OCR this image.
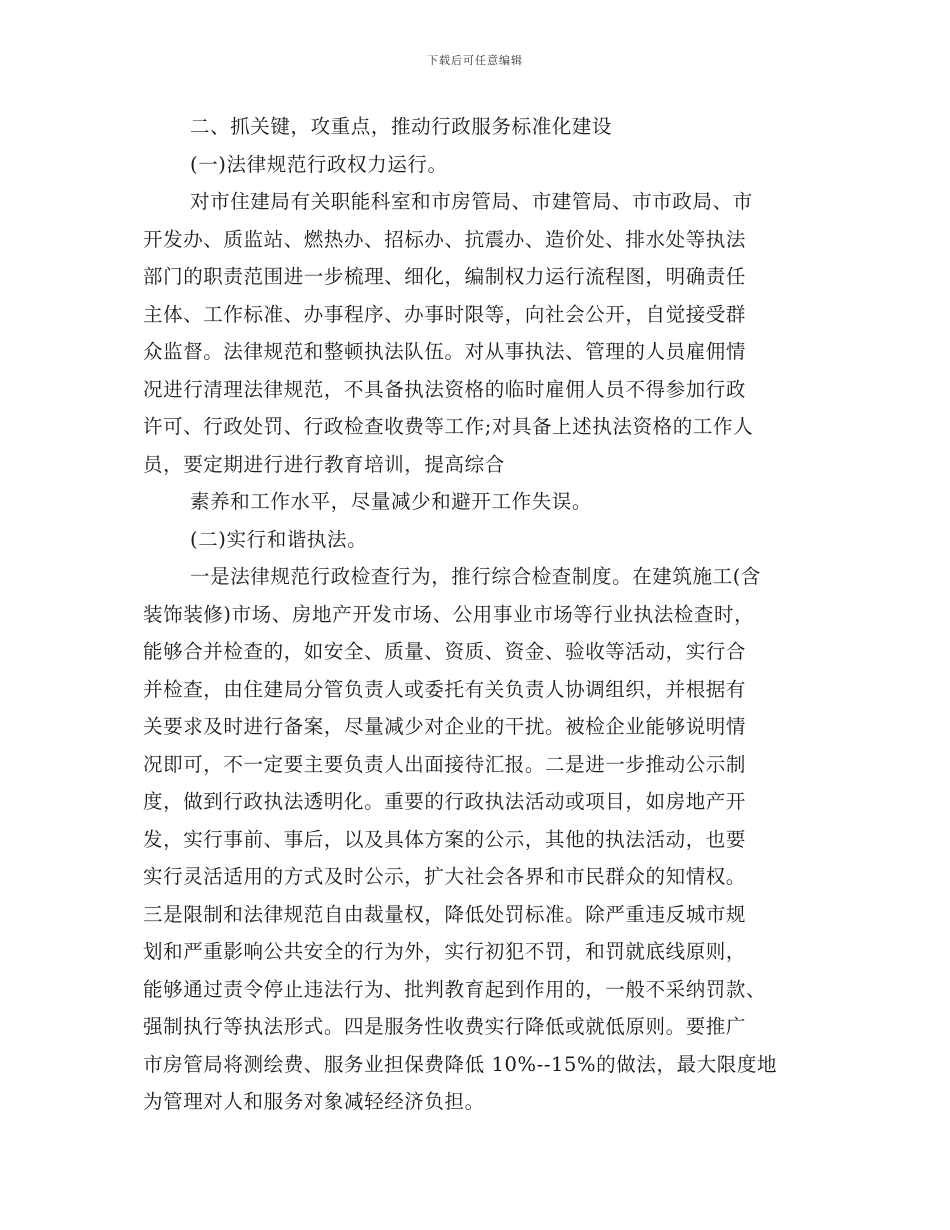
下载后可任意编辑
二、抓关键，攻重点，推动行政服务标准化建设
(一)法律规范行政权力运行。
对市住建局有关职能科室和市房管局、市建管局、市市政局、市
开发办、质监站、燃热办、招标办、抗震办、造价处、排水处等执法
部门的职责范围进一步梳理、细化，编制权力运行流程图，明确责任
主体、工作标准、办事程序、办事时限等，向社会公开，自觉接受群
众监督。法律规范和整顿执法队伍。对从事执法、管理的人员雇佣情
况进行清理法律规范，不具备执法资格的临时雇佣人员不得参加行政
许可、行政处罚、行政检查收费等工作;对具备上述执法资格的工作人
员，要定期进行进行教育培训，提高综合
素养和工作水平，尽量减少和避开工作失误。
(二)实行和谐执法。
一是法律规范行政检查行为，推行综合检查制度。在建筑施工(含
装饰装修)市场、房地产开发市场、公用事业市场等行业执法检查时，
能够合并检查的，如安全、质量、资质、资金、验收等活动，实行合
并检查，由住建局分管负责人或委托有关负责人协调组织，并根据有
关要求及时进行备案，尽量减少对企业的干扰。被检企业能够说明情
况即可，不一定要主要负责人出面接待汇报。二是进一步推动公示制
度，做到行政执法透明化。重要的行政执法活动或项目，如房地产开
发，实行事前、事后，以及具体方案的公示，其他的执法活动，也要
实行灵活适用的方式及时公示，扩大社会各界和市民群众的知情权。
三是限制和法律规范自由裁量权，降低处罚标准。除严重违反城市规
划和严重影响公共安全的行为外，实行初犯不罚，和罚就底线原则，
能够通过责令停止违法行为、批判教育起到作用的，一般不采纳罚款、
强制执行等执法形式。四是服务性收费实行降低或就低原则。要推广
市房管局将测绘费、服务业担保费降低 10%--15%的做法，最大限度地
为管理对人和服务对象减轻经济负担。
